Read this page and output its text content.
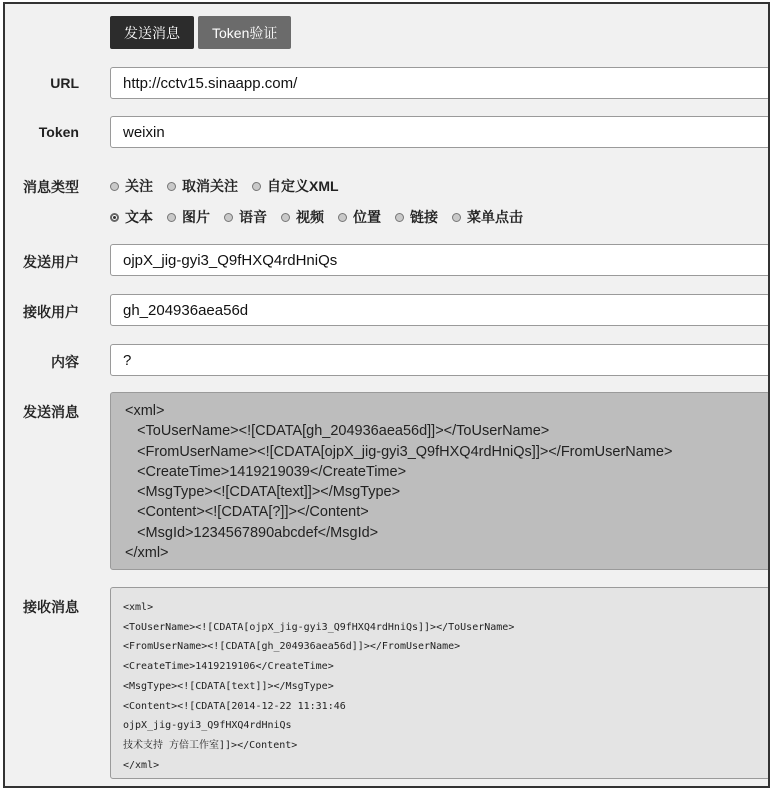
发送消息	Token验证
URL	http://cctv15.sinaapp.com/
Token	weixin
消息类型	关注 取消关注 自定义XML
文本 图片 语音 视频 位置 链接 菜单点击
发送用户	ojpX_jig-gyi3_Q9fHXQ4rdHniQs
接收用户	gh_204936aea56d
内容	?
发送消息	<xml>
<ToUserName><![CDATA[gh_204936aea56d]]></ToUserName>
<FromUserName><![CDATA[ojpX_jig-gyi3_Q9fHXQ4rdHniQs]]></FromUserName>
<CreateTime>1419219039</CreateTime>
<MsgType><![CDATA[text]]></MsgType>
<Content><![CDATA[?]]></Content>
<MsgId>1234567890abcdef</MsgId>
</xml>
接收消息	<xml>
<ToUserName><![CDATA[ojpX_jig-gyi3_Q9fHXQ4rdHniQs]]></ToUserName>
<FromUserName><![CDATA[gh_204936aea56d]]></FromUserName>
<CreateTime>1419219106</CreateTime>
<MsgType><![CDATA[text]]></MsgType>
<Content><![CDATA[2014-12-22 11:31:46
ojpX_jig-gyi3_Q9fHXQ4rdHniQs
技术支持 方倍工作室]]></Content>
</xml>
